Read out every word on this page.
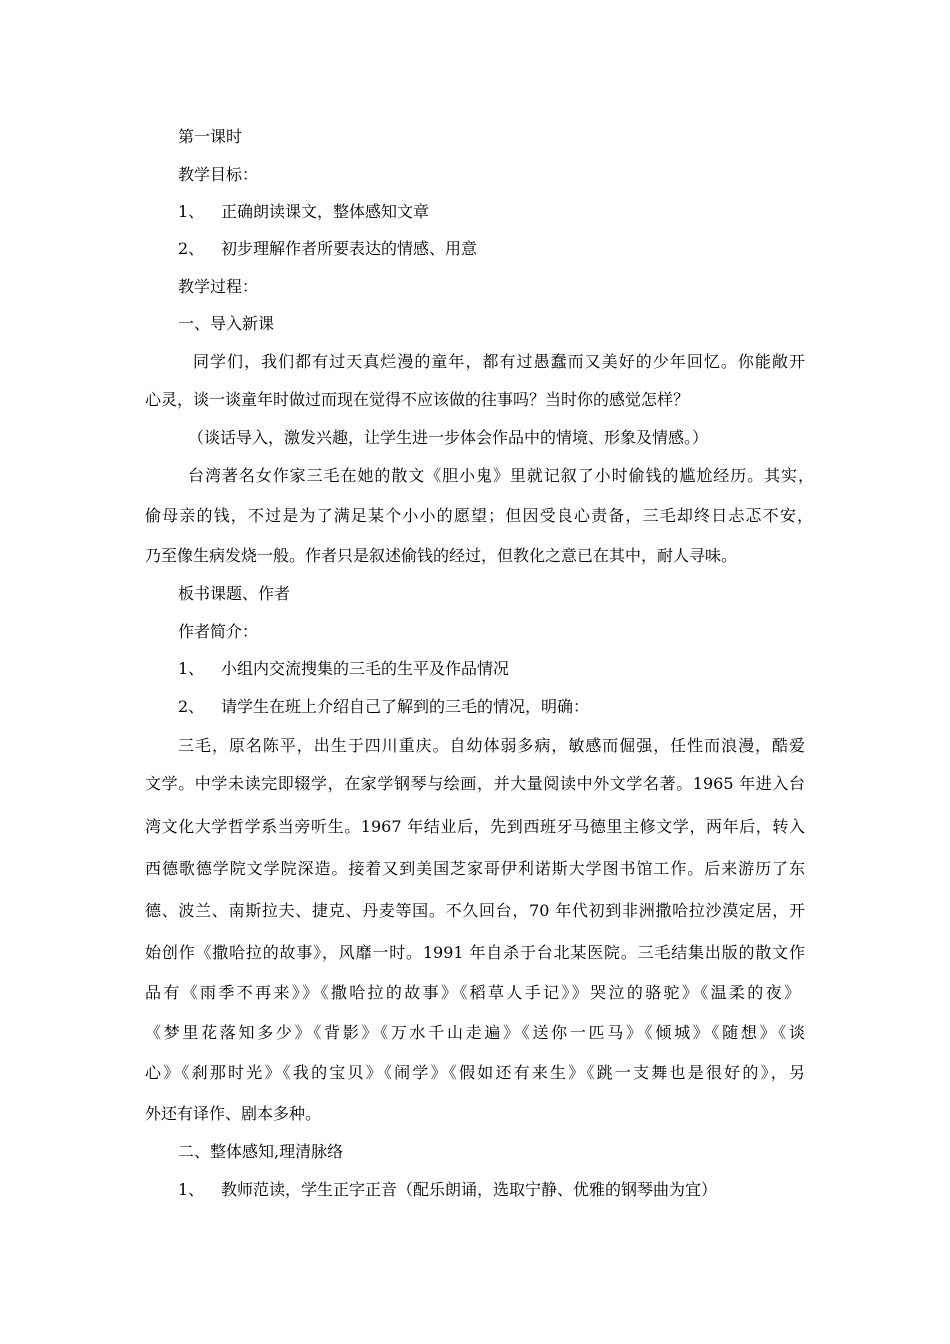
第一课时
教学目标：
1、 正确朗读课文，整体感知文章
2、 初步理解作者所要表达的情感、用意
教学过程：
一、导入新课
同学们，我们都有过天真烂漫的童年，都有过愚蠢而又美好的少年回忆。你能敞开
心灵，谈一谈童年时做过而现在觉得不应该做的往事吗？当时你的感觉怎样？
（谈话导入，激发兴趣，让学生进一步体会作品中的情境、形象及情感。）
台湾著名女作家三毛在她的散文《胆小鬼》里就记叙了小时偷钱的尴尬经历。其实，
偷母亲的钱，不过是为了满足某个小小的愿望；但因受良心责备，三毛却终日忐忑不安，
乃至像生病发烧一般。作者只是叙述偷钱的经过，但教化之意已在其中，耐人寻味。
板书课题、作者
作者简介：
1、 小组内交流搜集的三毛的生平及作品情况
2、 请学生在班上介绍自己了解到的三毛的情况，明确：
三毛，原名陈平，出生于四川重庆。自幼体弱多病，敏感而倔强，任性而浪漫，酷爱
文学。中学未读完即辍学，在家学钢琴与绘画，并大量阅读中外文学名著。1965 年进入台
湾文化大学哲学系当旁听生。1967 年结业后，先到西班牙马德里主修文学，两年后，转入
西德歌德学院文学院深造。接着又到美国芝家哥伊利诺斯大学图书馆工作。后来游历了东
德、波兰、南斯拉夫、捷克、丹麦等国。不久回台，70 年代初到非洲撒哈拉沙漠定居，开
始创作《撒哈拉的故事》，风靡一时。1991 年自杀于台北某医院。三毛结集出版的散文作
品有《雨季不再来》》《撒哈拉的故事》《稻草人手记》》哭泣的骆驼》《温柔的夜》
《梦里花落知多少》《背影》《万水千山走遍》《送你一匹马》《倾城》《随想》《谈
心》《刹那时光》《我的宝贝》《闹学》《假如还有来生》《跳一支舞也是很好的》，另
外还有译作、剧本多种。
二、整体感知,理清脉络
1、 教师范读，学生正字正音（配乐朗诵，选取宁静、优雅的钢琴曲为宜）
